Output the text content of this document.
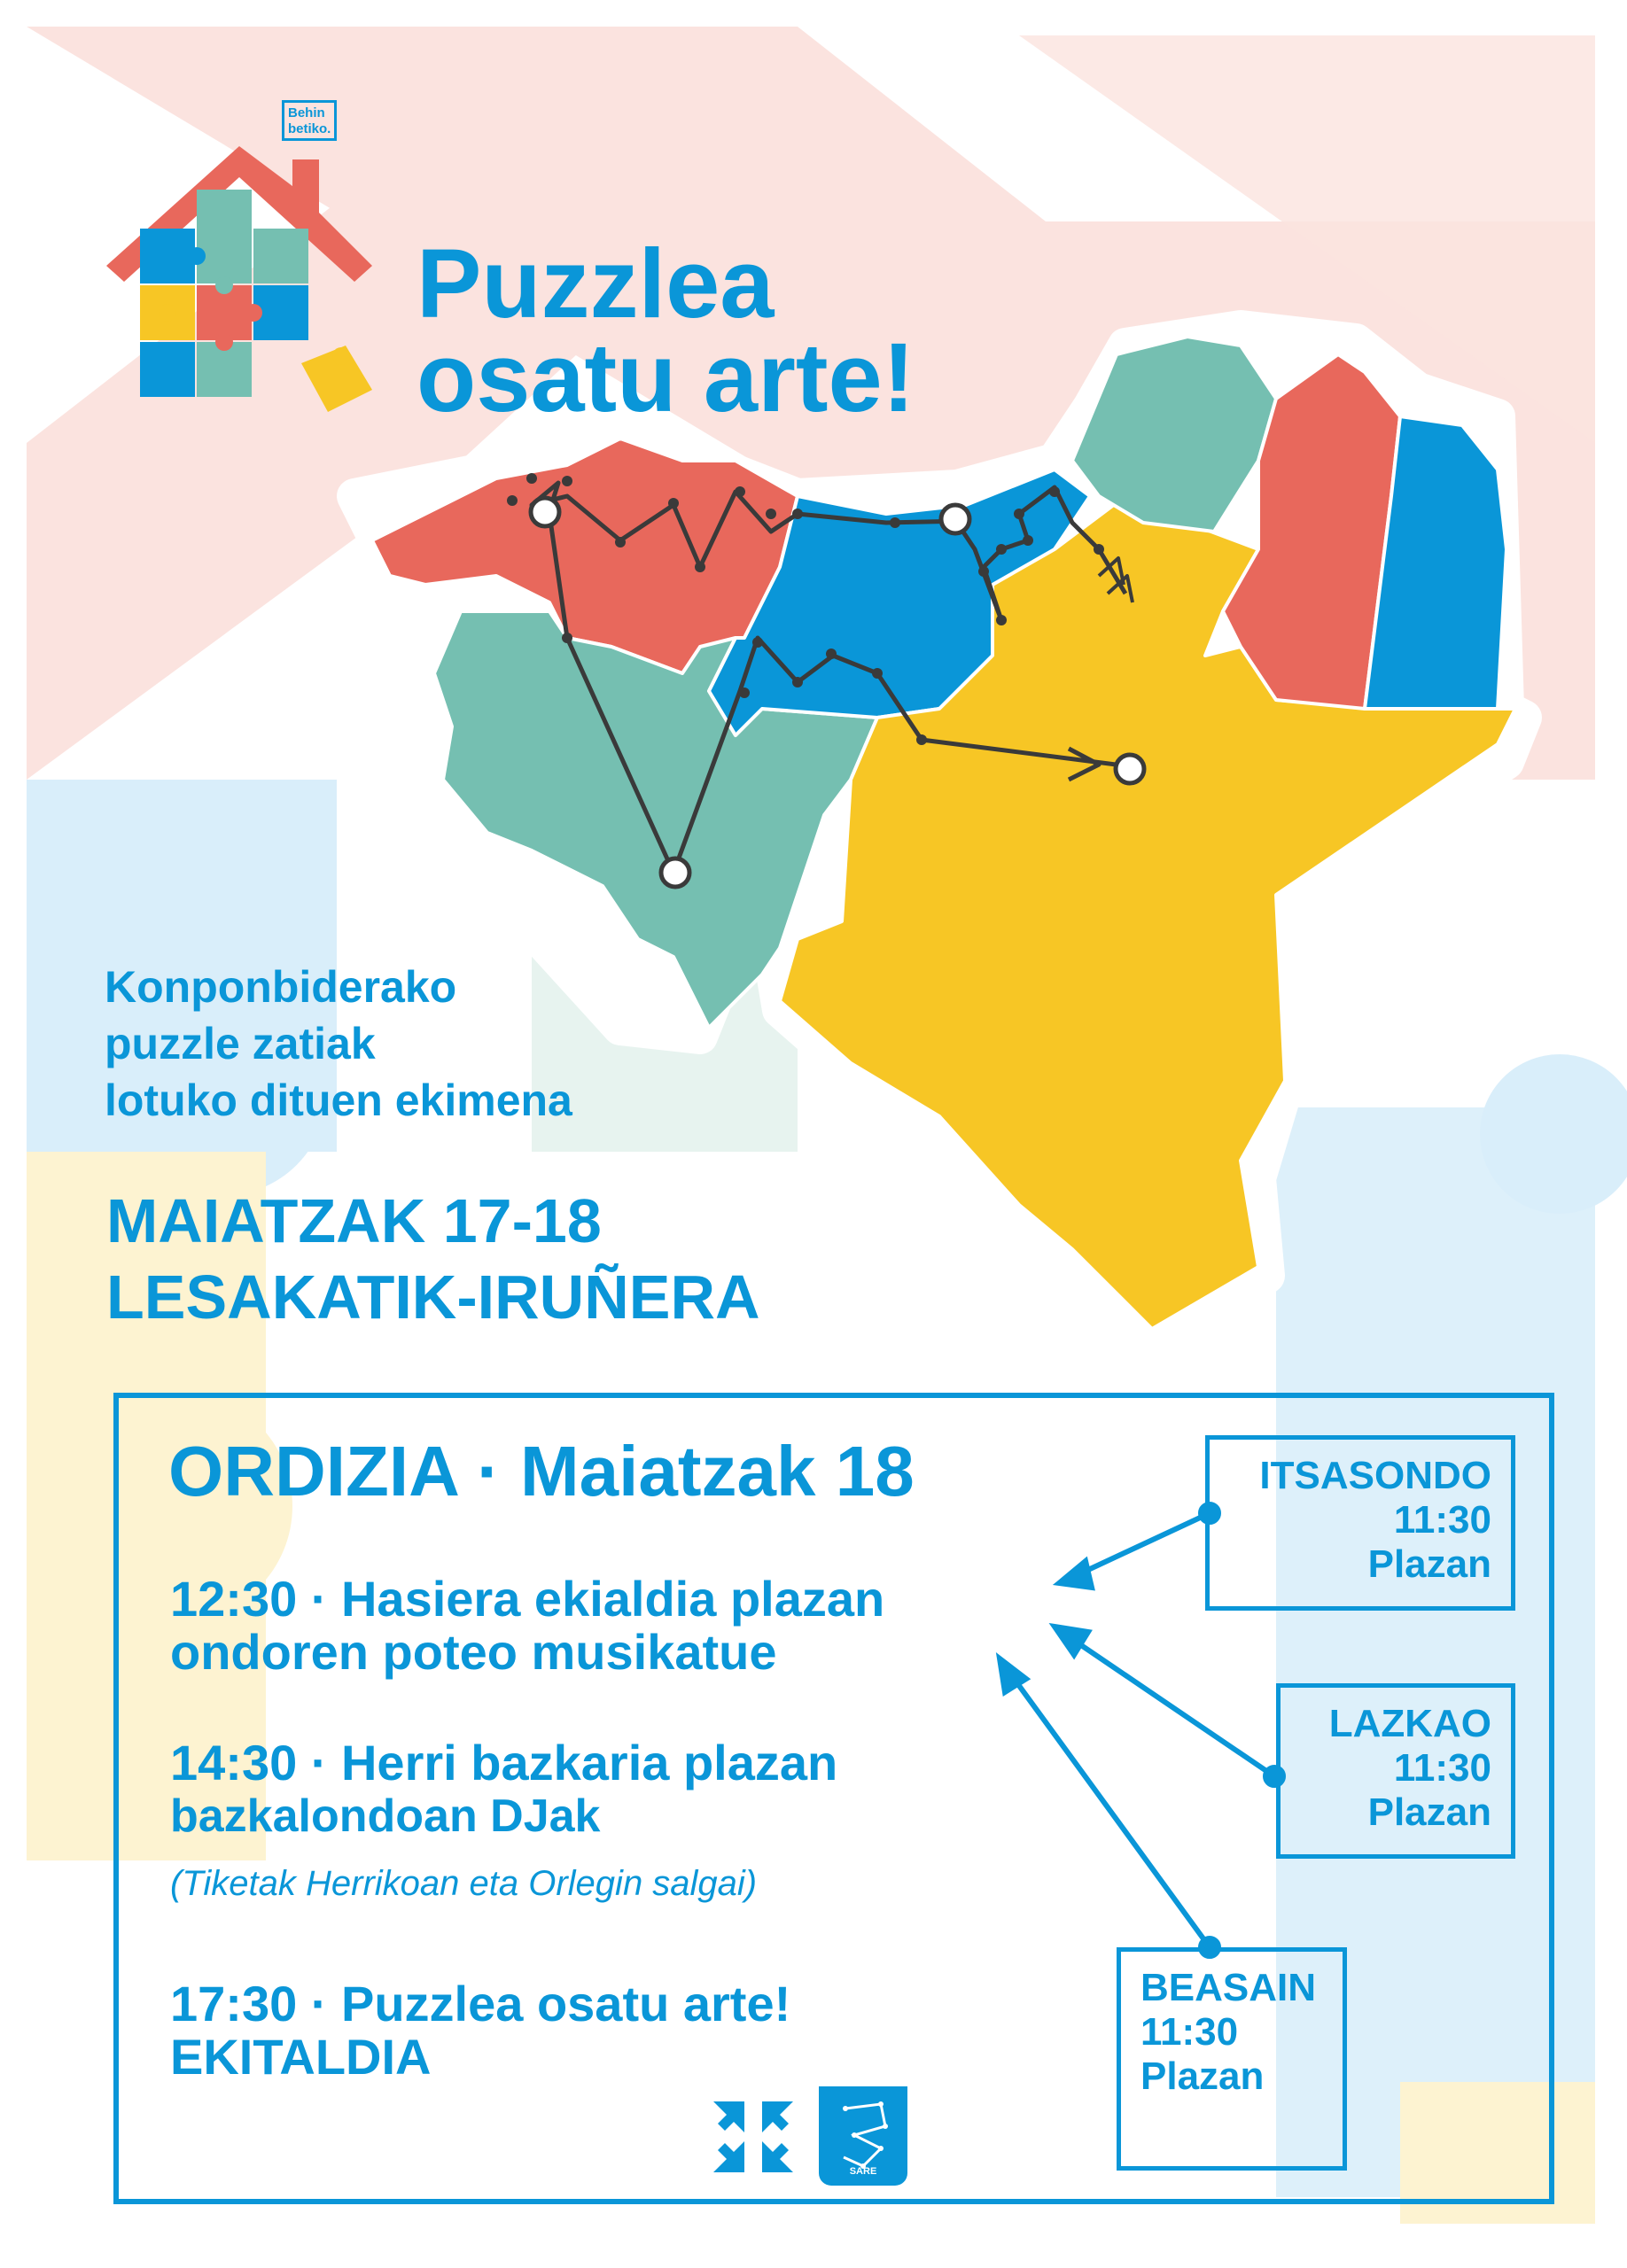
Behin betiko.
Puzzlea
osatu arte!
Konponbiderako
puzzle zatiak
lotuko dituen ekimena
MAIATZAK 17-18
LESAKATIK-IRUÑERA
ORDIZIA · Maiatzak 18
12:30 · Hasiera ekialdia plazan
ondoren poteo musikatue
14:30 · Herri bazkaria plazan
bazkalondoan DJak
(Tiketak Herrikoan eta Orlegin salgai)
17:30 · Puzzlea osatu arte!
EKITALDIA
ITSASONDO
11:30
Plazan
LAZKAO
11:30
Plazan
BEASAIN
11:30
Plazan
SARE
